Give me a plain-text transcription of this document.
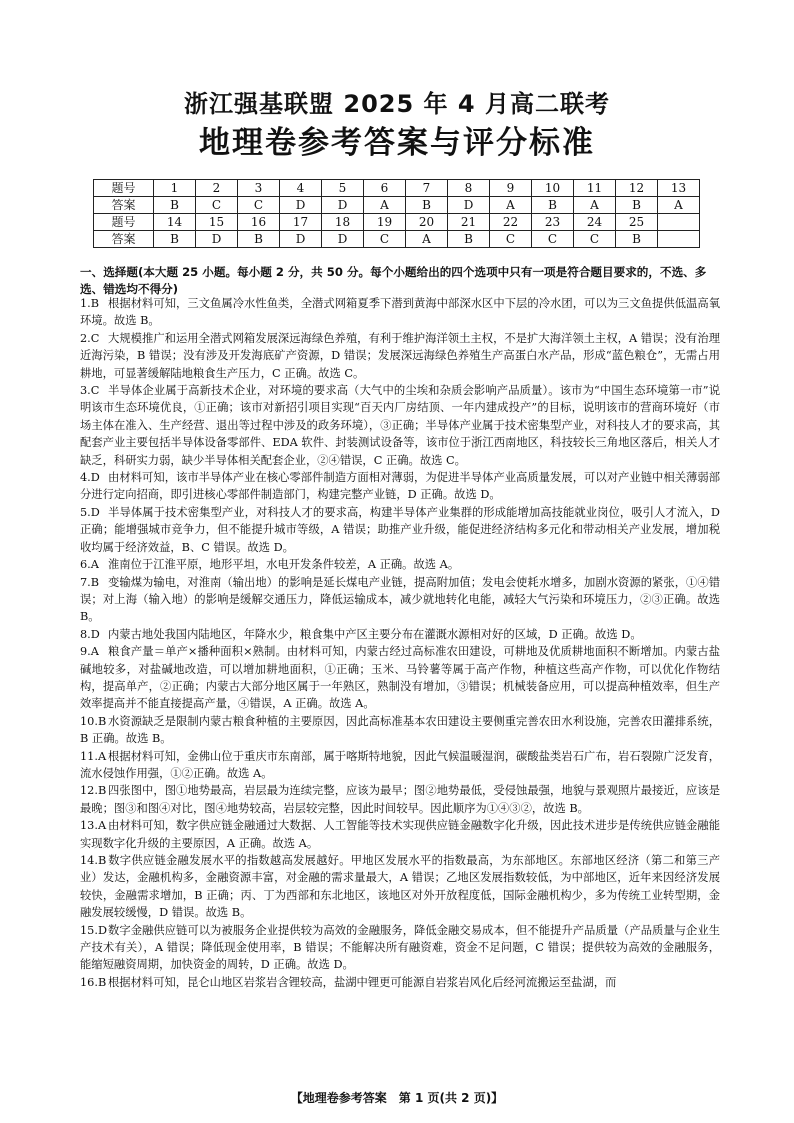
浙江强基联盟 2025 年 4 月高二联考
地理卷参考答案与评分标准
题号	1	2	3	4	5	6	7	8	9	10	11	12	13
答案	B	C	C	D	D	A	B	D	A	B	A	B	A
题号	14	15	16	17	18	19	20	21	22	23	24	25	
答案	B	D	B	D	D	C	A	B	C	C	C	B	
一、选择题(本大题 25 小题。每小题 2 分，共 50 分。每个小题给出的四个选项中只有一项是符合题目要求的，不选、多选、错选均不得分)
1.B 根据材料可知，三文鱼属冷水性鱼类，全潜式网箱夏季下潜到黄海中部深水区中下层的冷水团，可以为三文鱼提供低温高氧环境。故选 B。
2.C 大规模推广和运用全潜式网箱发展深远海绿色养殖，有利于维护海洋领土主权，不是扩大海洋领土主权，A 错误；没有治理近海污染，B 错误；没有涉及开发海底矿产资源，D 错误；发展深远海绿色养殖生产高蛋白水产品，形成“蓝色粮仓”，无需占用耕地，可显著缓解陆地粮食生产压力，C 正确。故选 C。
3.C 半导体企业属于高新技术企业，对环境的要求高（大气中的尘埃和杂质会影响产品质量）。该市为“中国生态环境第一市”说明该市生态环境优良，①正确；该市对新招引项目实现“百天内厂房结顶、一年内建成投产”的目标，说明该市的营商环境好（市场主体在准入、生产经营、退出等过程中涉及的政务环境），③正确；半导体产业属于技术密集型产业，对科技人才的要求高，其配套产业主要包括半导体设备零部件、EDA 软件、封装测试设备等，该市位于浙江西南地区，科技较长三角地区落后，相关人才缺乏，科研实力弱，缺少半导体相关配套企业，②④错误，C 正确。故选 C。
4.D 由材料可知，该市半导体产业在核心零部件制造方面相对薄弱，为促进半导体产业高质量发展，可以对产业链中相关薄弱部分进行定向招商，即引进核心零部件制造部门，构建完整产业链，D 正确。故选 D。
5.D 半导体属于技术密集型产业，对科技人才的要求高，构建半导体产业集群的形成能增加高技能就业岗位，吸引人才流入，D 正确；能增强城市竞争力，但不能提升城市等级，A 错误；助推产业升级，能促进经济结构多元化和带动相关产业发展，增加税收均属于经济效益，B、C 错误。故选 D。
6.A 淮南位于江淮平原，地形平坦，水电开发条件较差，A 正确。故选 A。
7.B 变输煤为输电，对淮南（输出地）的影响是延长煤电产业链，提高附加值；发电会使耗水增多，加剧水资源的紧张，①④错误；对上海（输入地）的影响是缓解交通压力，降低运输成本，减少就地转化电能，减轻大气污染和环境压力，②③正确。故选 B。
8.D 内蒙古地处我国内陆地区，年降水少，粮食集中产区主要分布在灌溉水源相对好的区域，D 正确。故选 D。
9.A 粮食产量＝单产×播种面积×熟制。由材料可知，内蒙古经过高标准农田建设，可耕地及优质耕地面积不断增加。内蒙古盐碱地较多，对盐碱地改造，可以增加耕地面积，①正确；玉米、马铃薯等属于高产作物，种植这些高产作物，可以优化作物结构，提高单产，②正确；内蒙古大部分地区属于一年熟区，熟制没有增加，③错误；机械装备应用，可以提高种植效率，但生产效率提高并不能直接提高产量，④错误，A 正确。故选 A。
10.B 水资源缺乏是限制内蒙古粮食种植的主要原因，因此高标准基本农田建设主要侧重完善农田水利设施，完善农田灌排系统，B 正确。故选 B。
11.A 根据材料可知，金佛山位于重庆市东南部，属于喀斯特地貌，因此气候温暖湿润，碳酸盐类岩石广布，岩石裂隙广泛发育，流水侵蚀作用强，①②正确。故选 A。
12.B 四张图中，图①地势最高，岩层最为连续完整，应该为最早；图②地势最低，受侵蚀最强，地貌与景观照片最接近，应该是最晚；图③和图④对比，图④地势较高，岩层较完整，因此时间较早。因此顺序为①④③②，故选 B。
13.A 由材料可知，数字供应链金融通过大数据、人工智能等技术实现供应链金融数字化升级，因此技术进步是传统供应链金融能实现数字化升级的主要原因，A 正确。故选 A。
14.B 数字供应链金融发展水平的指数越高发展越好。甲地区发展水平的指数最高，为东部地区。东部地区经济（第二和第三产业）发达，金融机构多，金融资源丰富，对金融的需求量最大，A 错误；乙地区发展指数较低，为中部地区，近年来因经济发展较快，金融需求增加，B 正确；丙、丁为西部和东北地区，该地区对外开放程度低，国际金融机构少，多为传统工业转型期，金融发展较缓慢，D 错误。故选 B。
15.D数字金融供应链可以为被服务企业提供较为高效的金融服务，降低金融交易成本，但不能提升产品质量（产品质量与企业生产技术有关），A 错误；降低现金使用率，B 错误；不能解决所有融资难，资金不足问题，C 错误；提供较为高效的金融服务，能缩短融资周期，加快资金的周转，D 正确。故选 D。
16.B 根据材料可知，昆仑山地区岩浆岩含锂较高，盐湖中锂更可能源自岩浆岩风化后经河流搬运至盐湖，而
【地理卷参考答案　第 1 页(共 2 页)】
